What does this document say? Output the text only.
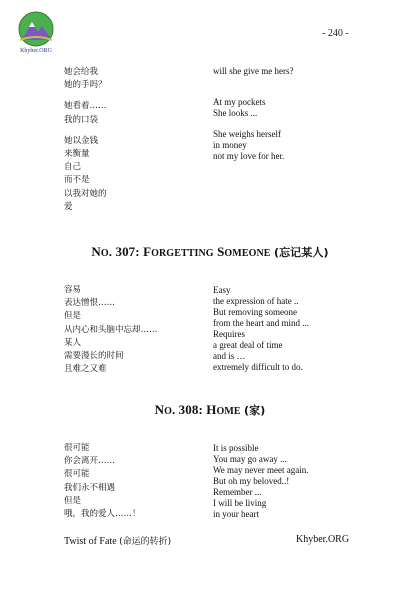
Khyber.ORG
- 240 -
她会给我
她的手吗？
她看着……
我的口袋
她以金钱
来衡量
自己
而不是
以我对她的
爱
will she give me hers?
At my pockets
She looks ...
She weighs herself
in money
not my love for her.
NO. 307: FORGETTING SOMEONE (忘记某人)
容易
表达憎恨……
但是
从内心和头脑中忘却……
某人
需要漫长的时间
且难之又难
Easy
the expression of hate ..
But removing someone
from the heart and mind ...
Requires
a great deal of time
and is …
extremely difficult to do.
NO. 308: HOME (家)
很可能
你会离开……
很可能
我们永不相遇
但是
哦，我的爱人……！
It is possible
You may go away ...
We may never meet again.
But oh my beloved..!
Remember ...
I will be living
in your heart
Twist of Fate (命运的转折)	Khyber.ORG
